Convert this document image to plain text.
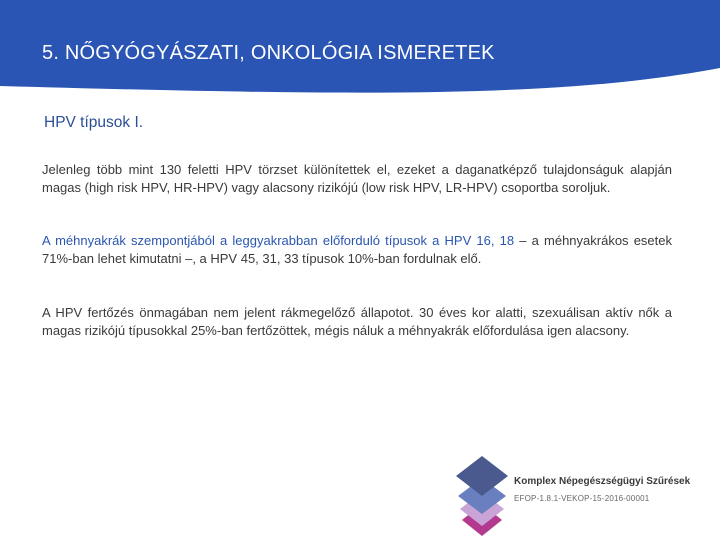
5. NŐGYÓGYÁSZATI, ONKOLÓGIA ISMERETEK
HPV típusok I.
Jelenleg több mint 130 feletti HPV törzset különítettek el, ezeket a daganatképző tulajdonságuk alapján magas (high risk HPV, HR-HPV) vagy alacsony rizikójú (low risk HPV, LR-HPV) csoportba soroljuk.
A méhnyakrák szempontjából a leggyakrabban előforduló típusok a HPV 16, 18 – a méhnyakrákos esetek 71%-ban lehet kimutatni –, a HPV 45, 31, 33 típusok 10%-ban fordulnak elő.
A HPV fertőzés önmagában nem jelent rákmegelőző állapotot. 30 éves kor alatti, szexuálisan aktív nők a magas rizikójú típusokkal 25%-ban fertőzöttek, mégis náluk a méhnyakrák előfordulása igen alacsony.
Komplex Népegészségügyi Szűrések
EFOP-1.8.1-VEKOP-15-2016-00001
